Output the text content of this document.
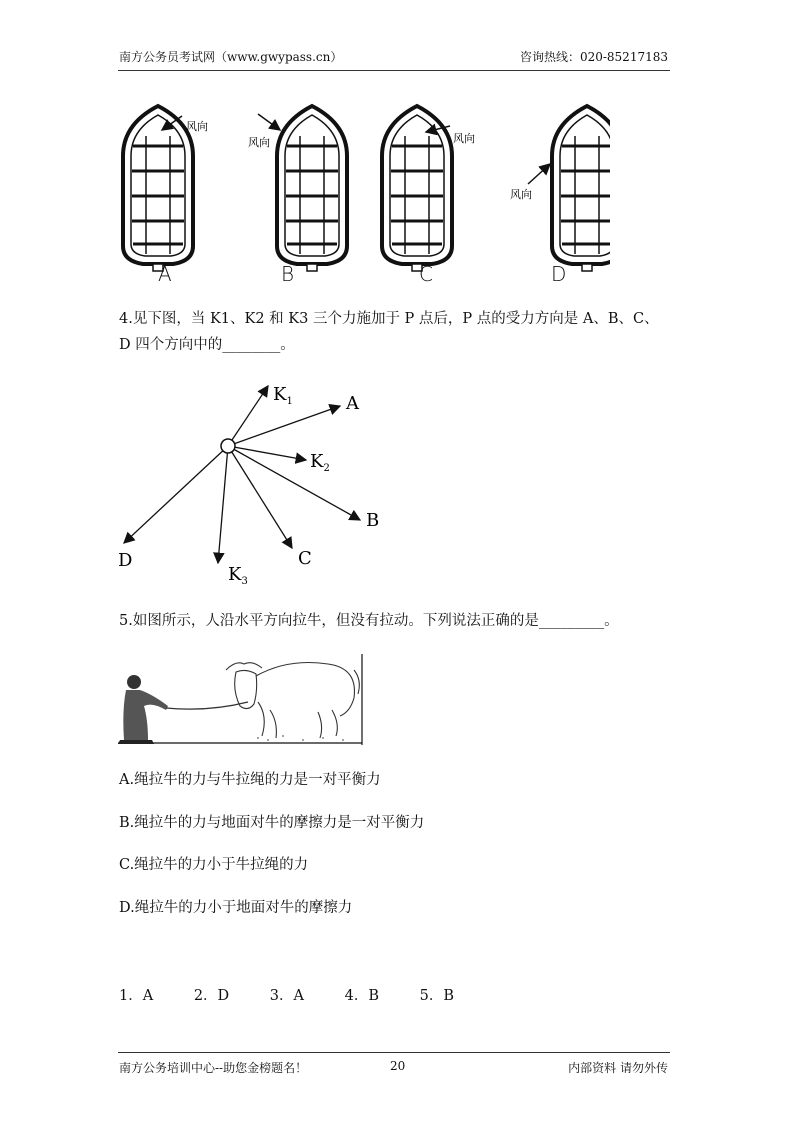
南方公务员考试网（www.gwypass.cn）	咨询热线：020-85217183
风向
风向	风向
风向
A	B	C	D
4.见下图，当 K1、K2 和 K3 三个力施加于 P 点后，P 点的受力方向是 A、B、C、
D 四个方向中的________。
$K_1$	A
$K_2$
B
C
D
$K_3$
5.如图所示，人沿水平方向拉牛，但没有拉动。下列说法正确的是_________。
A.绳拉牛的力与牛拉绳的力是一对平衡力
B.绳拉牛的力与地面对牛的摩擦力是一对平衡力
C.绳拉牛的力小于牛拉绳的力
D.绳拉牛的力小于地面对牛的摩擦力
1．A	2．D	3．A	4．B	5．B
南方公务培训中心--助您金榜题名！	20	内部资料 请勿外传
